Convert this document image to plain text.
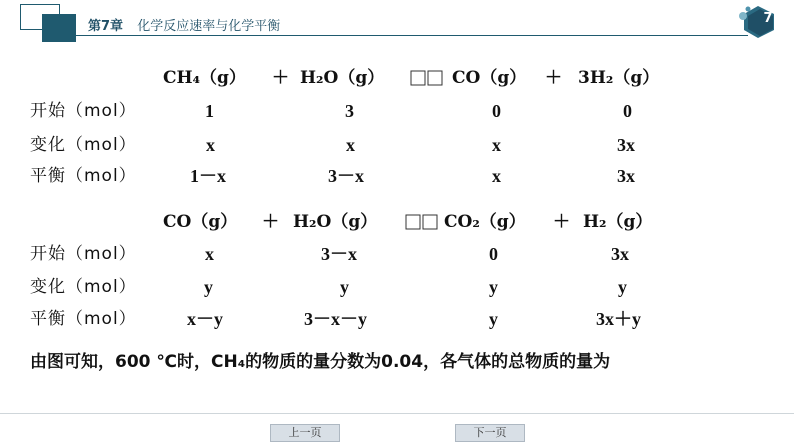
第7章 化学反应速率与化学平衡
7
CH₄（g） ＋ H₂O（g）	CO（g） ＋ 3H₂（g）
开始（mol）	1	3	0	0
变化（mol）	x	x	x	3x
平衡（mol）	1－x	3－x	x	3x
CO（g） ＋ H₂O（g）	CO₂（g） ＋ H₂（g）
开始（mol）	x	3－x	0	3x
变化（mol）	y	y	y	y
平衡（mol）	x－y	3－x－y	y	3x＋y
由图可知，600 ℃时，CH₄的物质的量分数为0.04，各气体的总物质的量为
上一页	下一页
